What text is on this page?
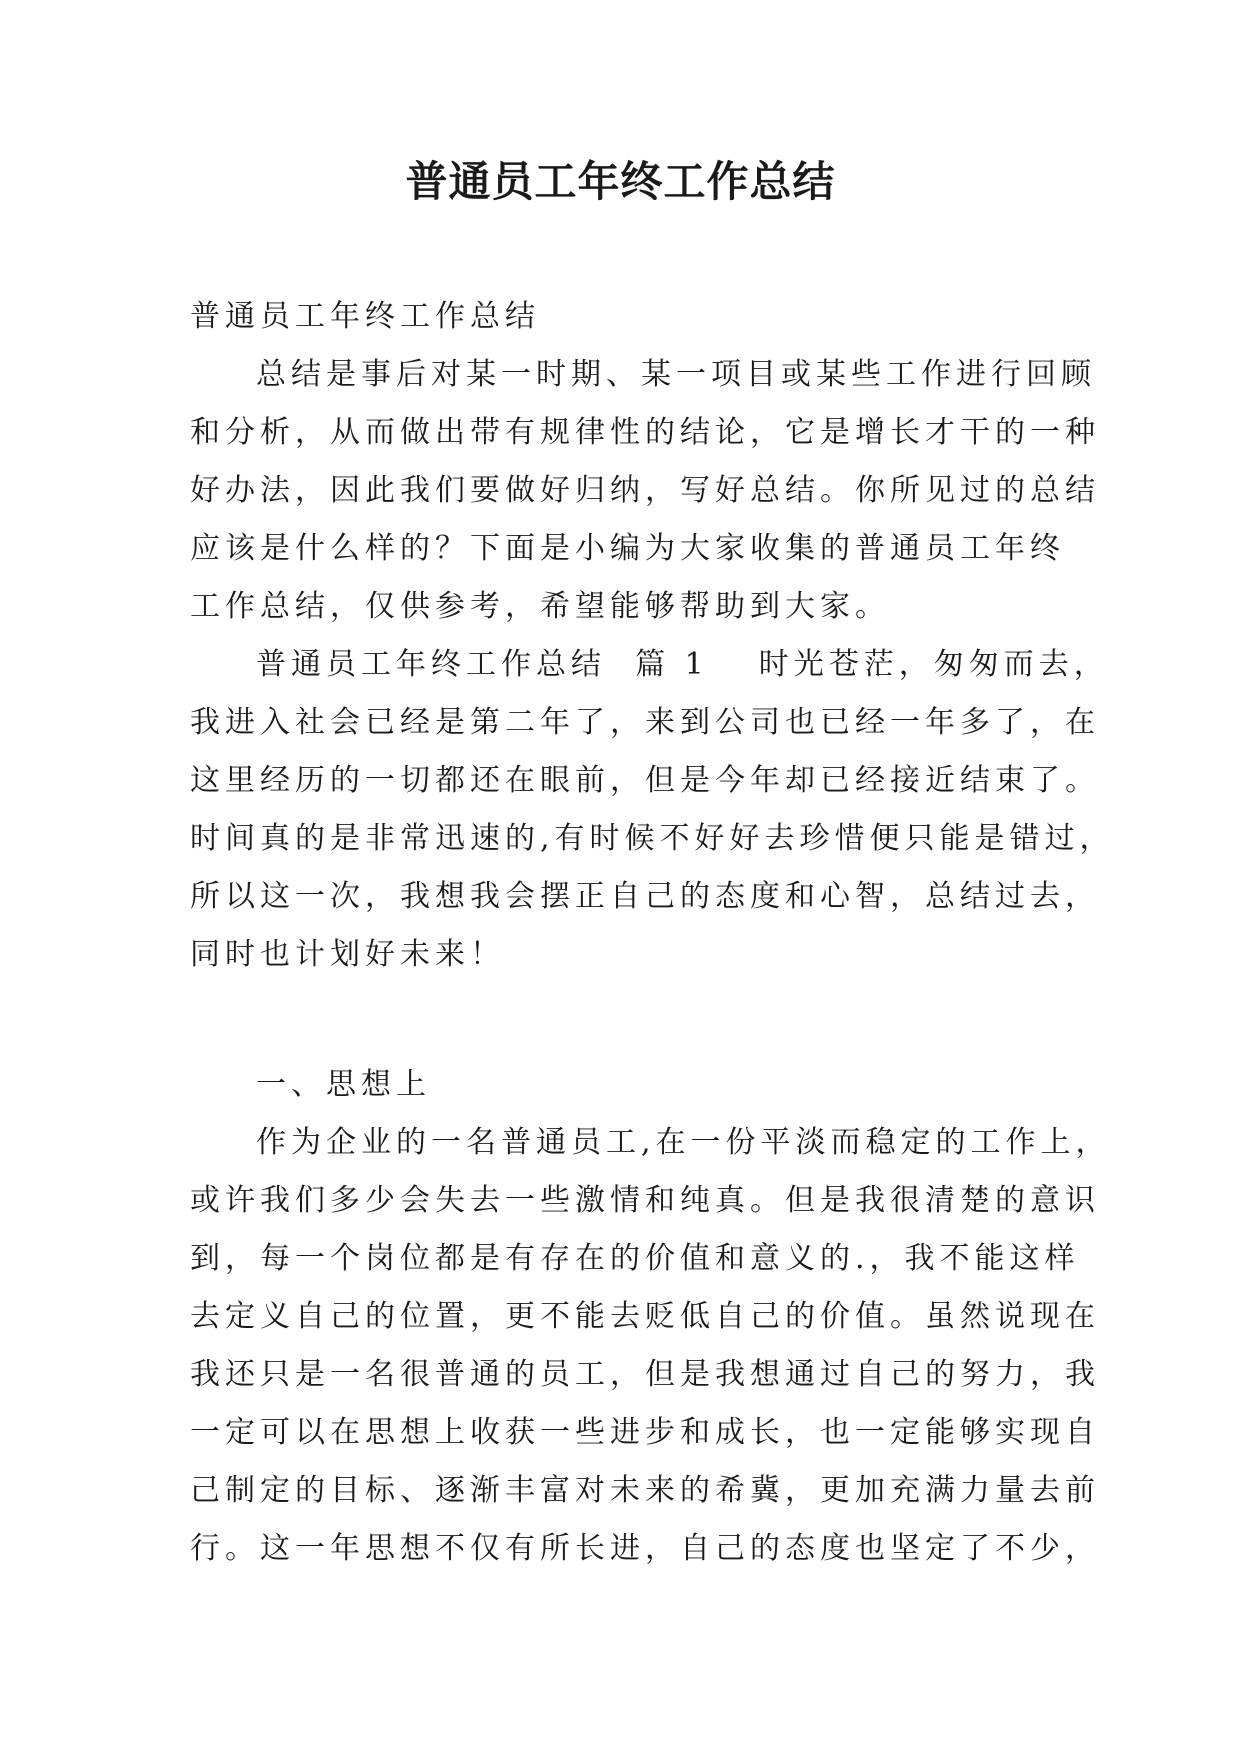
普通员工年终工作总结
普通员工年终工作总结
总结是事后对某一时期、某一项目或某些工作进行回顾
和分析，从而做出带有规律性的结论，它是增长才干的一种
好办法，因此我们要做好归纳，写好总结。你所见过的总结
应该是什么样的？下面是小编为大家收集的普通员工年终
工作总结，仅供参考，希望能够帮助到大家。
普通员工年终工作总结  篇 1 时光苍茫，匆匆而去，
我进入社会已经是第二年了，来到公司也已经一年多了，在
这里经历的一切都还在眼前，但是今年却已经接近结束了。
时间真的是非常迅速的,有时候不好好去珍惜便只能是错过，
所以这一次，我想我会摆正自己的态度和心智，总结过去，
同时也计划好未来！
一、思想上
作为企业的一名普通员工,在一份平淡而稳定的工作上，
或许我们多少会失去一些激情和纯真。但是我很清楚的意识
到，每一个岗位都是有存在的价值和意义的.，我不能这样
去定义自己的位置，更不能去贬低自己的价值。虽然说现在
我还只是一名很普通的员工，但是我想通过自己的努力，我
一定可以在思想上收获一些进步和成长，也一定能够实现自
己制定的目标、逐渐丰富对未来的希冀，更加充满力量去前
行。这一年思想不仅有所长进，自己的态度也坚定了不少，
